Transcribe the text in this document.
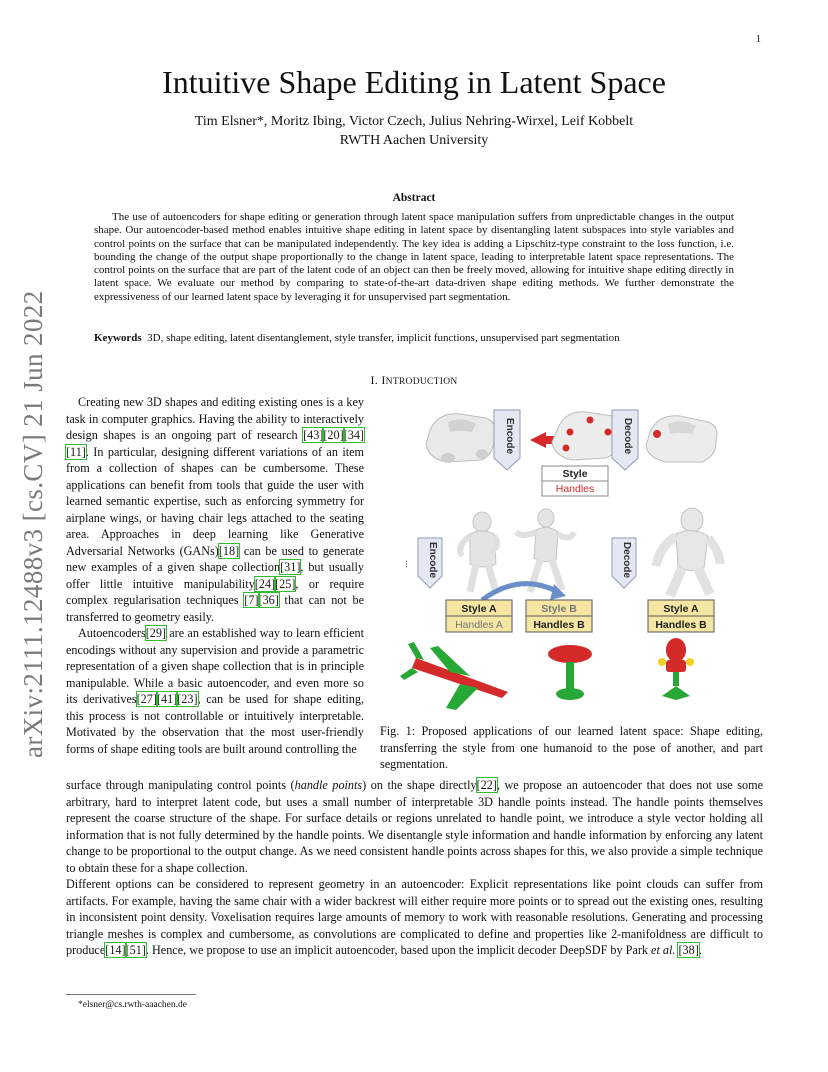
1
arXiv:2111.12488v3 [cs.CV] 21 Jun 2022
Intuitive Shape Editing in Latent Space
Tim Elsner*, Moritz Ibing, Victor Czech, Julius Nehring-Wirxel, Leif Kobbelt
RWTH Aachen University
Abstract
The use of autoencoders for shape editing or generation through latent space manipulation suffers from unpredictable changes in the output shape. Our autoencoder-based method enables intuitive shape editing in latent space by disentangling latent subspaces into style variables and control points on the surface that can be manipulated independently. The key idea is adding a Lipschitz-type constraint to the loss function, i.e. bounding the change of the output shape proportionally to the change in latent space, leading to interpretable latent space representations. The control points on the surface that are part of the latent code of an object can then be freely moved, allowing for intuitive shape editing directly in latent space. We evaluate our method by comparing to state-of-the-art data-driven shape editing methods. We further demonstrate the expressiveness of our learned latent space by leveraging it for unsupervised part segmentation.
Keywords 3D, shape editing, latent disentanglement, style transfer, implicit functions, unsupervised part segmentation
I. INTRODUCTION

Creating new 3D shapes and editing existing ones is a key task in computer graphics. Having the ability to interactively design shapes is an ongoing part of research [43][20][34][11]. In particular, designing different variations of an item from a collection of shapes can be cumbersome. These applications can benefit from tools that guide the user with learned semantic expertise, such as enforcing symmetry for airplane wings, or having chair legs attached to the seating area. Approaches in deep learning like Generative Adversarial Networks (GANs)[18] can be used to generate new examples of a given shape collection[31], but usually offer little intuitive manipulability[24][25], or require complex regularisation techniques [7][36] that can not be transferred to geometry easily.

Autoencoders[29] are an established way to learn efficient encodings without any supervision and provide a parametric representation of a given shape collection that is in principle manipulable. While a basic autoencoder, and even more so its derivatives[27][41][23], can be used for shape editing, this process is not controllable or intuitively interpretable. Motivated by the observation that the most user-friendly forms of shape editing tools are built around controlling the

Encode	Decode
Style
Handles
... Encode	Decode
Style A
Handles A
Style B
Handles B
Style A
Handles B
Fig. 1: Proposed applications of our learned latent space: Shape editing, transferring the style from one humanoid to the pose of another, and part segmentation.

surface through manipulating control points (handle points) on the shape directly[22], we propose an autoencoder that does not use some arbitrary, hard to interpret latent code, but uses a small number of interpretable 3D handle points instead. The handle points themselves represent the coarse structure of the shape. For surface details or regions unrelated to handle point, we introduce a style vector holding all information that is not fully determined by the handle points. We disentangle style information and handle information by enforcing any latent change to be proportional to the output change. As we need consistent handle points across shapes for this, we also provide a simple technique to obtain these for a shape collection.

Different options can be considered to represent geometry in an autoencoder: Explicit representations like point clouds can suffer from artifacts. For example, having the same chair with a wider backrest will either require more points or to spread out the existing ones, resulting in inconsistent point density. Voxelisation requires large amounts of memory to work with reasonable resolutions. Generating and processing triangle meshes is complex and cumbersome, as convolutions are complicated to define and properties like 2-manifoldness are difficult to produce[14][51]. Hence, we propose to use an implicit autoencoder, based upon the implicit decoder DeepSDF by Park et al. [38].

*elsner@cs.rwth-aaachen.de
